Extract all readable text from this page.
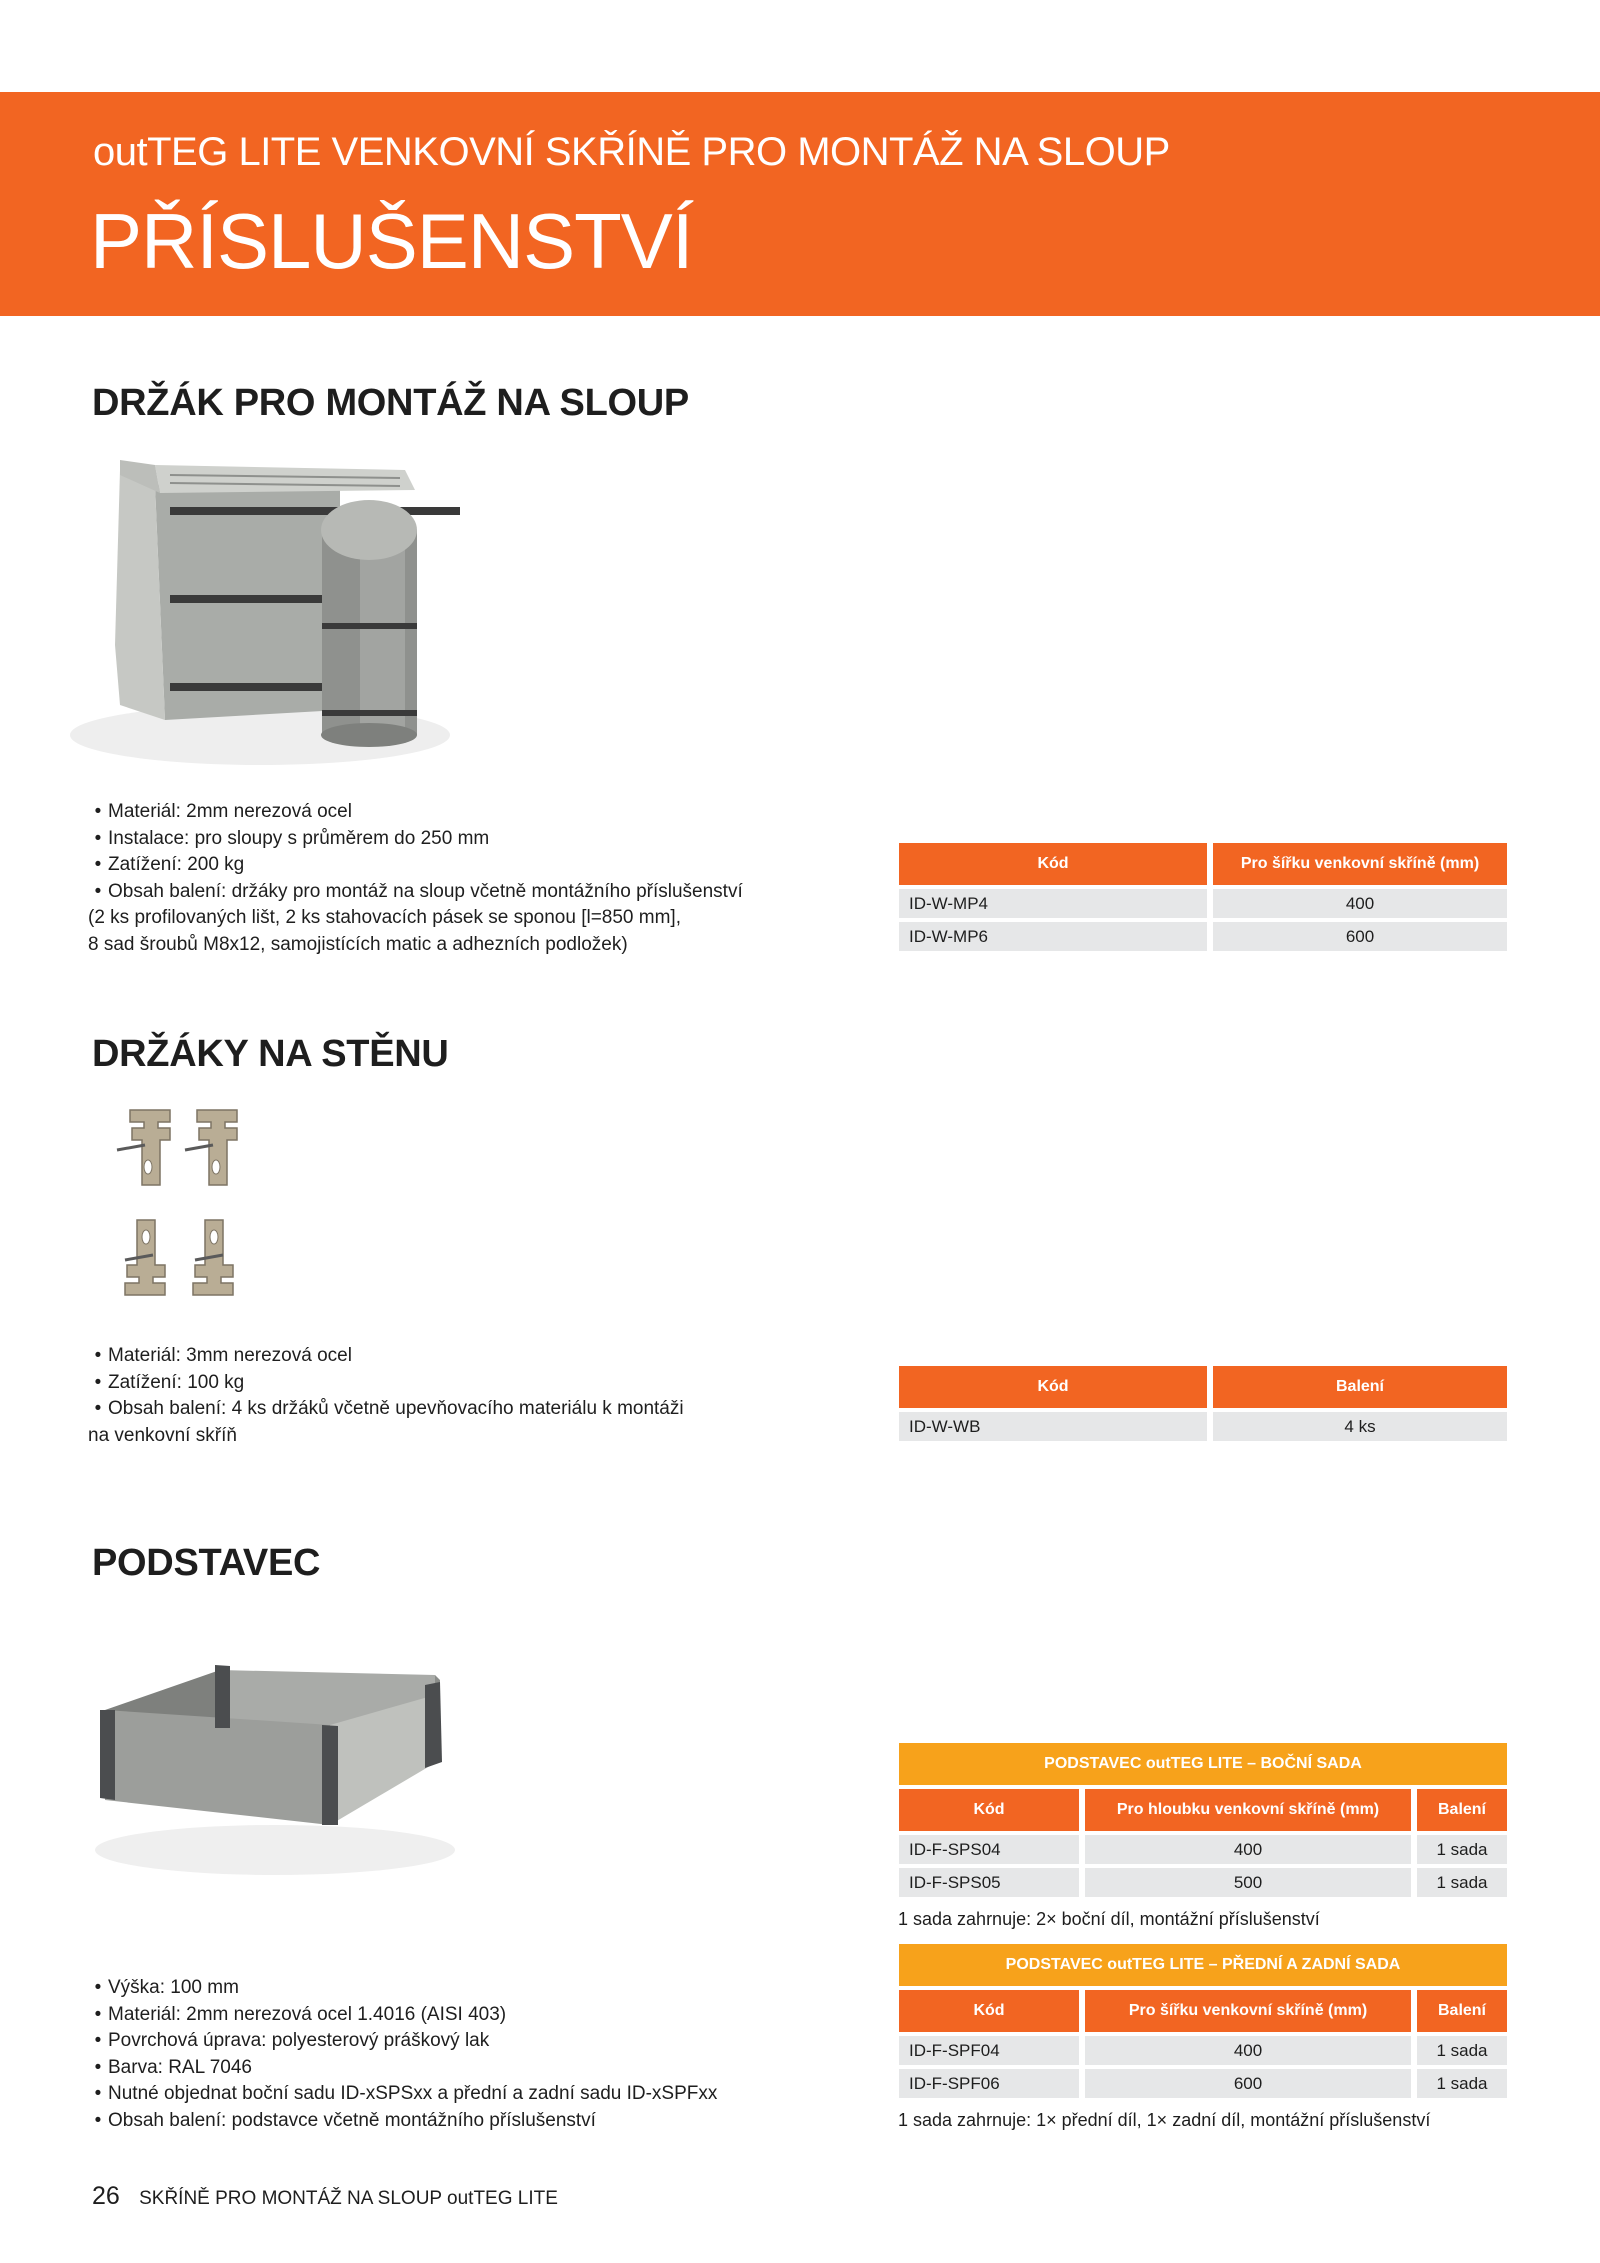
outTEG LITE VENKOVNÍ SKŘÍNĚ PRO MONTÁŽ NA SLOUP
PŘÍSLUŠENSTVÍ
DRŽÁK PRO MONTÁŽ NA SLOUP
• Materiál: 2mm nerezová ocel
• Instalace: pro sloupy s průměrem do 250 mm
• Zatížení: 200 kg
• Obsah balení: držáky pro montáž na sloup včetně montážního příslušenství
(2 ks profilovaných lišt, 2 ks stahovacích pásek se sponou [l=850 mm],
8 sad šroubů M8x12, samojistících matic a adhezních podložek)
Kód	Pro šířku venkovní skříně (mm)
ID-W-MP4	400
ID-W-MP6	600
DRŽÁKY NA STĚNU
• Materiál: 3mm nerezová ocel
• Zatížení: 100 kg
• Obsah balení: 4 ks držáků včetně upevňovacího materiálu k montáži
na venkovní skříň
Kód	Balení
ID-W-WB	4 ks
PODSTAVEC
• Výška: 100 mm
• Materiál: 2mm nerezová ocel 1.4016 (AISI 403)
• Povrchová úprava: polyesterový práškový lak
• Barva: RAL 7046
• Nutné objednat boční sadu ID-xSPSxx a přední a zadní sadu ID-xSPFxx
• Obsah balení: podstavce včetně montážního příslušenství
PODSTAVEC outTEG LITE – BOČNÍ SADA		
Kód	Pro hloubku venkovní skříně (mm)	Balení
ID-F-SPS04	400	1 sada
ID-F-SPS05	500	1 sada
1 sada zahrnuje: 2× boční díl, montážní příslušenství
PODSTAVEC outTEG LITE – PŘEDNÍ A ZADNÍ SADA		
Kód	Pro šířku venkovní skříně (mm)	Balení
ID-F-SPF04	400	1 sada
ID-F-SPF06	600	1 sada
1 sada zahrnuje: 1× přední díl, 1× zadní díl, montážní příslušenství
26 SKŘÍNĚ PRO MONTÁŽ NA SLOUP outTEG LITE
